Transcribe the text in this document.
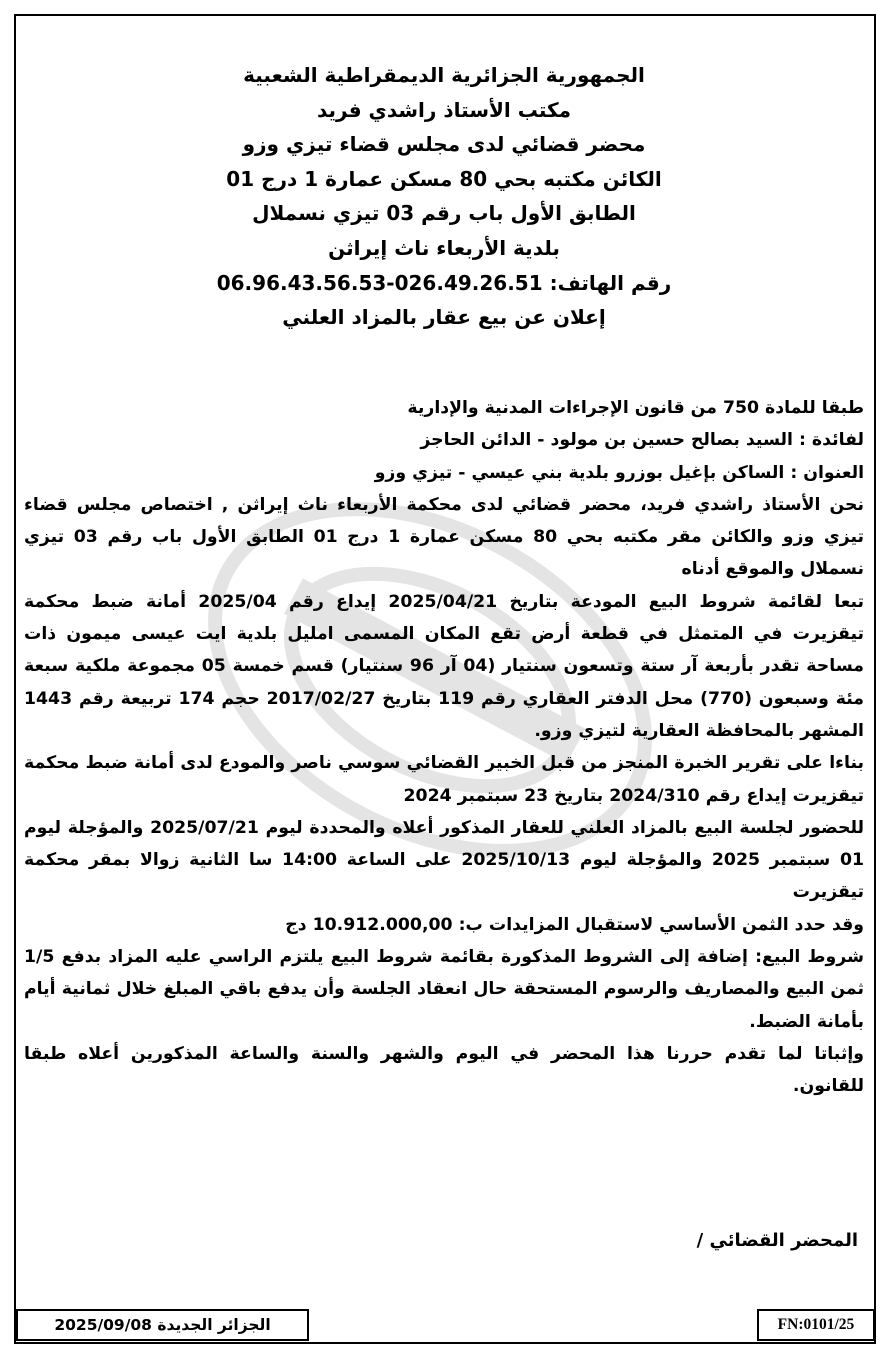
الجمهورية الجزائرية الديمقراطية الشعبية
مكتب الأستاذ راشدي فريد
محضر قضائي لدى مجلس قضاء تيزي وزو
الكائن مكتبه بحي 80 مسكن عمارة 1 درج 01
الطابق الأول باب رقم 03 تيزي نسملال
بلدية الأربعاء ناث إيراثن
رقم الهاتف: 026.49.26.51-06.96.43.56.53
إعلان عن بيع عقار بالمزاد العلني

طبقا للمادة 750 من قانون الإجراءات المدنية والإدارية

لفائدة : السيد بصالح حسين بن مولود - الدائن الحاجز

العنوان : الساكن بإغيل بوزرو بلدية بني عيسي - تيزي وزو

نحن الأستاذ راشدي فريد، محضر قضائي لدى محكمة الأربعاء ناث إيراثن , اختصاص مجلس قضاء تيزي وزو والكائن مقر مكتبه بحي 80 مسكن عمارة 1 درج 01 الطابق الأول باب رقم 03 تيزي نسملال والموقع أدناه

تبعا لقائمة شروط البيع المودعة بتاريخ 2025/04/21 إيداع رقم 2025/04 أمانة ضبط محكمة تيقزيرت في المتمثل في قطعة أرض تقع المكان المسمى امليل بلدية ايت عيسى ميمون ذات مساحة تقدر بأربعة آر ستة وتسعون سنتيار (04 آر 96 سنتيار) قسم خمسة 05 مجموعة ملكية سبعة مئة وسبعون (770) محل الدفتر العقاري رقم 119 بتاريخ 2017/02/27 حجم 174 تربيعة رقم 1443 المشهر بالمحافظة العقارية لتيزي وزو.

بناءا على تقرير الخبرة المنجز من قبل الخبير القضائي سوسي ناصر والمودع لدى أمانة ضبط محكمة تيقزيرت إيداع رقم 2024/310 بتاريخ 23 سبتمبر 2024

للحضور لجلسة البيع بالمزاد العلني للعقار المذكور أعلاه والمحددة ليوم 2025/07/21 والمؤجلة ليوم 01 سبتمبر 2025 والمؤجلة ليوم 2025/10/13 على الساعة 14:00 سا الثانية زوالا بمقر محكمة تيقزيرت

وقد حدد الثمن الأساسي لاستقبال المزايدات ب: 10.912.000,00 دج

شروط البيع: إضافة إلى الشروط المذكورة بقائمة شروط البيع يلتزم الراسي عليه المزاد بدفع 1/5 ثمن البيع والمصاريف والرسوم المستحقة حال انعقاد الجلسة وأن يدفع باقي المبلغ خلال ثمانية أيام بأمانة الضبط.

وإثباتا لما تقدم حررنا هذا المحضر في اليوم والشهر والسنة والساعة المذكورين أعلاه طبقا للقانون.

المحضر القضائي /
الجزائر الجديدة 2025/09/08	FN:0101/25
